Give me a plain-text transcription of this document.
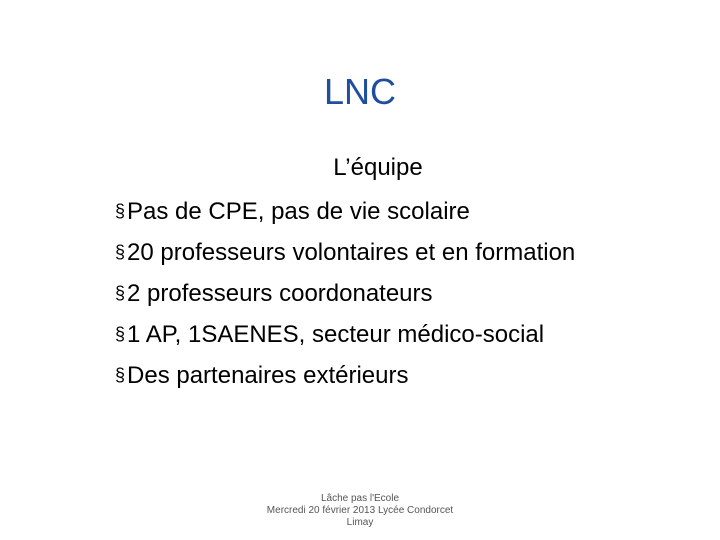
LNC
L’équipe
§Pas de CPE, pas de vie scolaire
§20 professeurs volontaires et en formation
§2 professeurs coordonateurs
§1 AP, 1SAENES, secteur médico-social
§Des partenaires extérieurs
Lâche pas l'Ecole
Mercredi 20 février 2013 Lycée Condorcet
Limay
